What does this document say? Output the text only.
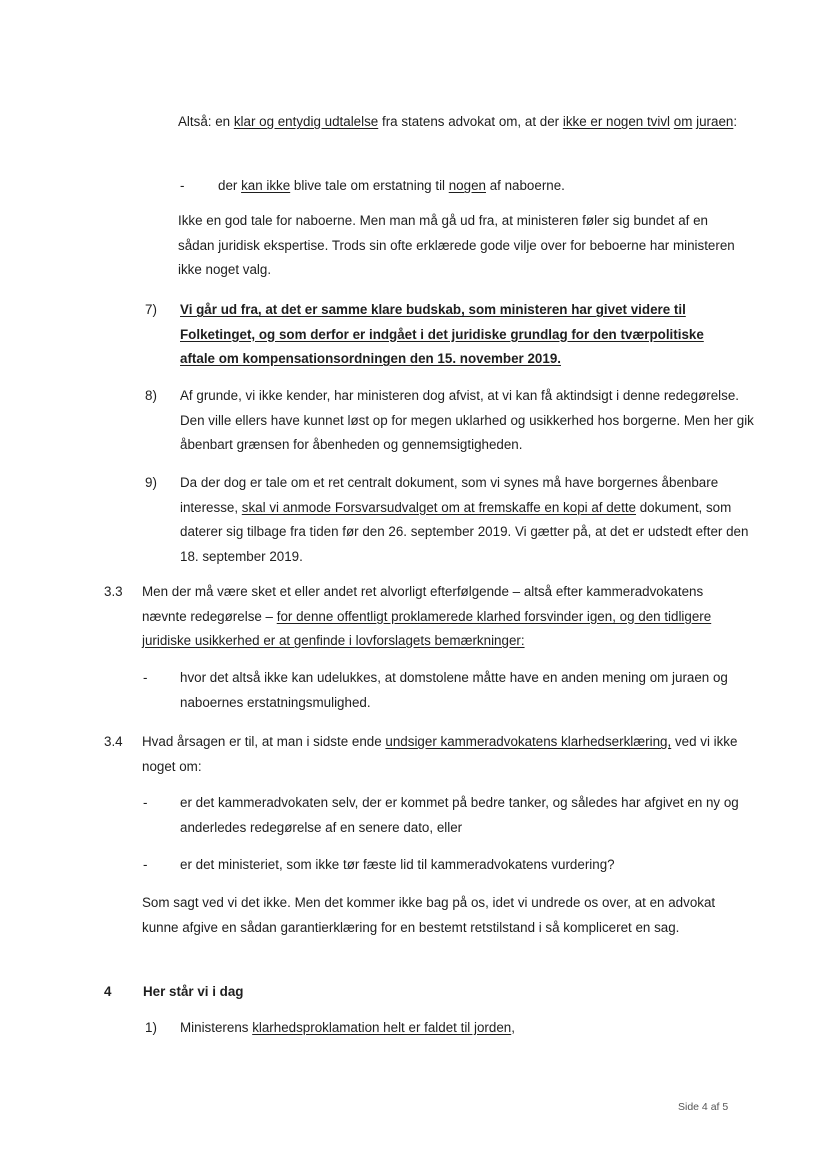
Altså: en klar og entydig udtalelse fra statens advokat om, at der ikke er nogen tvivl om juraen:
-	der kan ikke blive tale om erstatning til nogen af naboerne.
Ikke en god tale for naboerne. Men man må gå ud fra, at ministeren føler sig bundet af en sådan juridisk ekspertise. Trods sin ofte erklærede gode vilje over for beboerne har ministeren ikke noget valg.
7) Vi går ud fra, at det er samme klare budskab, som ministeren har givet videre til Folketinget, og som derfor er indgået i det juridiske grundlag for den tværpolitiske aftale om kompensationsordningen den 15. november 2019.
8) Af grunde, vi ikke kender, har ministeren dog afvist, at vi kan få aktindsigt i denne redegørelse. Den ville ellers have kunnet løst op for megen uklarhed og usikkerhed hos borgerne. Men her gik åbenbart grænsen for åbenheden og gennemsigtigheden.
9) Da der dog er tale om et ret centralt dokument, som vi synes må have borgernes åbenbare interesse, skal vi anmode Forsvarsudvalget om at fremskaffe en kopi af dette dokument, som daterer sig tilbage fra tiden før den 26. september 2019. Vi gætter på, at det er udstedt efter den 18. september 2019.
3.3 Men der må være sket et eller andet ret alvorligt efterfølgende – altså efter kammeradvokatens nævnte redegørelse – for denne offentligt proklamerede klarhed forsvinder igen, og den tidligere juridiske usikkerhed er at genfinde i lovforslagets bemærkninger:
- hvor det altså ikke kan udelukkes, at domstolene måtte have en anden mening om juraen og naboernes erstatningsmulighed.
3.4 Hvad årsagen er til, at man i sidste ende undsiger kammeradvokatens klarhedserklæring, ved vi ikke noget om:
- er det kammeradvokaten selv, der er kommet på bedre tanker, og således har afgivet en ny og anderledes redegørelse af en senere dato, eller
- er det ministeriet, som ikke tør fæste lid til kammeradvokatens vurdering?
Som sagt ved vi det ikke. Men det kommer ikke bag på os, idet vi undrede os over, at en advokat kunne afgive en sådan garantierklæring for en bestemt retstilstand i så kompliceret en sag.
4 Her står vi i dag
1) Ministerens klarhedsproklamation helt er faldet til jorden,
Side 4 af 5
